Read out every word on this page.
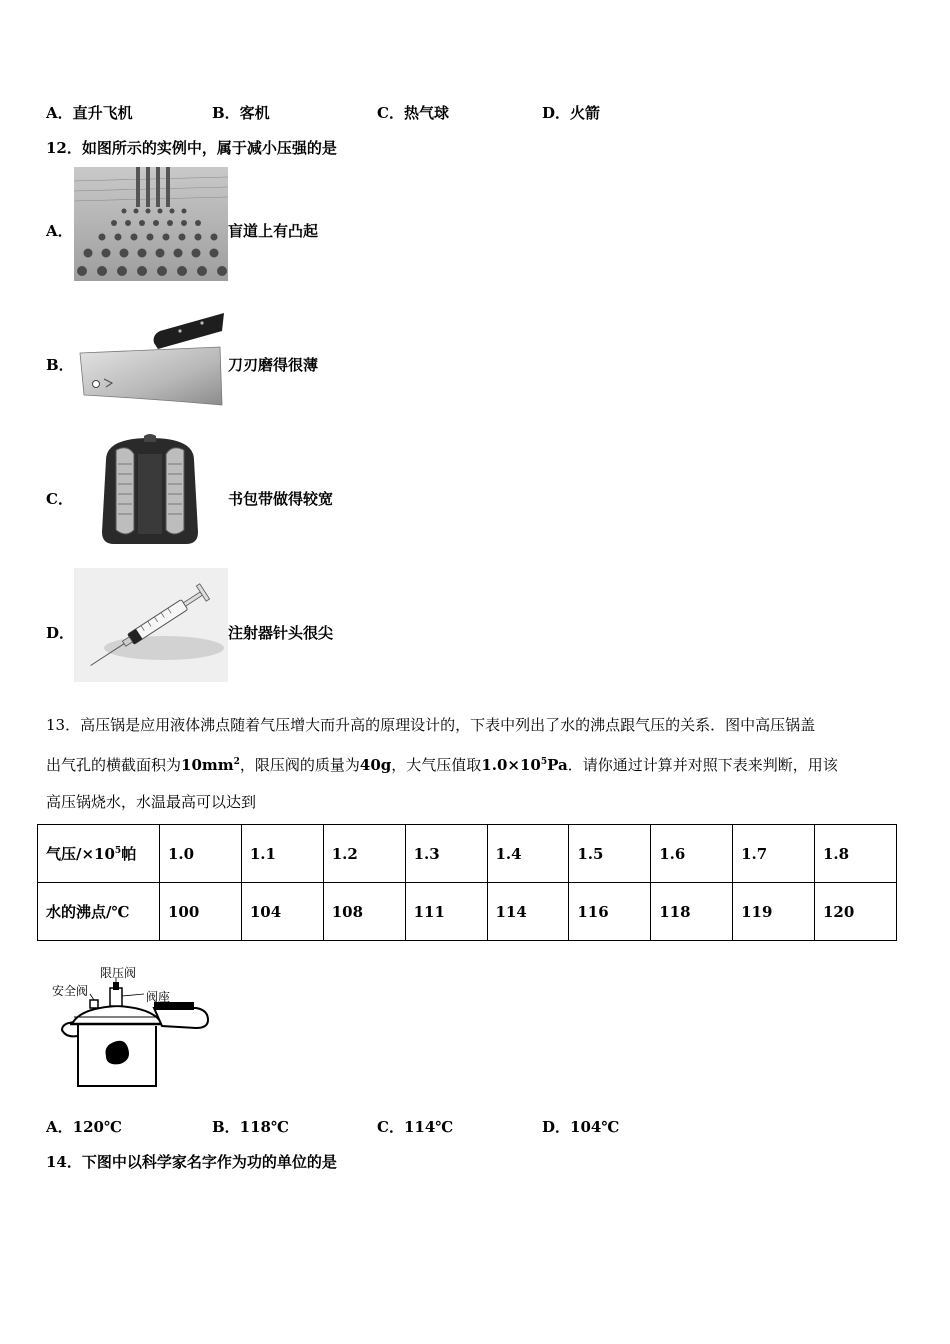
A．直升飞机	B．客机	C．热气球	D．火箭
12．如图所示的实例中，属于减小压强的是
A．	盲道上有凸起
B．	刀刃磨得很薄
C．	书包带做得较宽
D．	注射器针头很尖
13．高压锅是应用液体沸点随着气压增大而升高的原理设计的，下表中列出了水的沸点跟气压的关系．图中高压锅盖
出气孔的横截面积为$10mm^2$，限压阀的质量为40g，大气压值取$1.0\times 10^5Pa$．请你通过计算并对照下表来判断，用该
高压锅烧水，水温最高可以达到
气压$/\times 10^5$帕	1.0	1.1	1.2	1.3	1.4	1.5	1.6	1.7	1.8
水的沸点/℃	100	104	108	111	114	116	118	119	120
限压阀
安全阀	阀座
A．120℃	B．118℃	C．114℃	D．104℃
14．下图中以科学家名字作为功的单位的是
